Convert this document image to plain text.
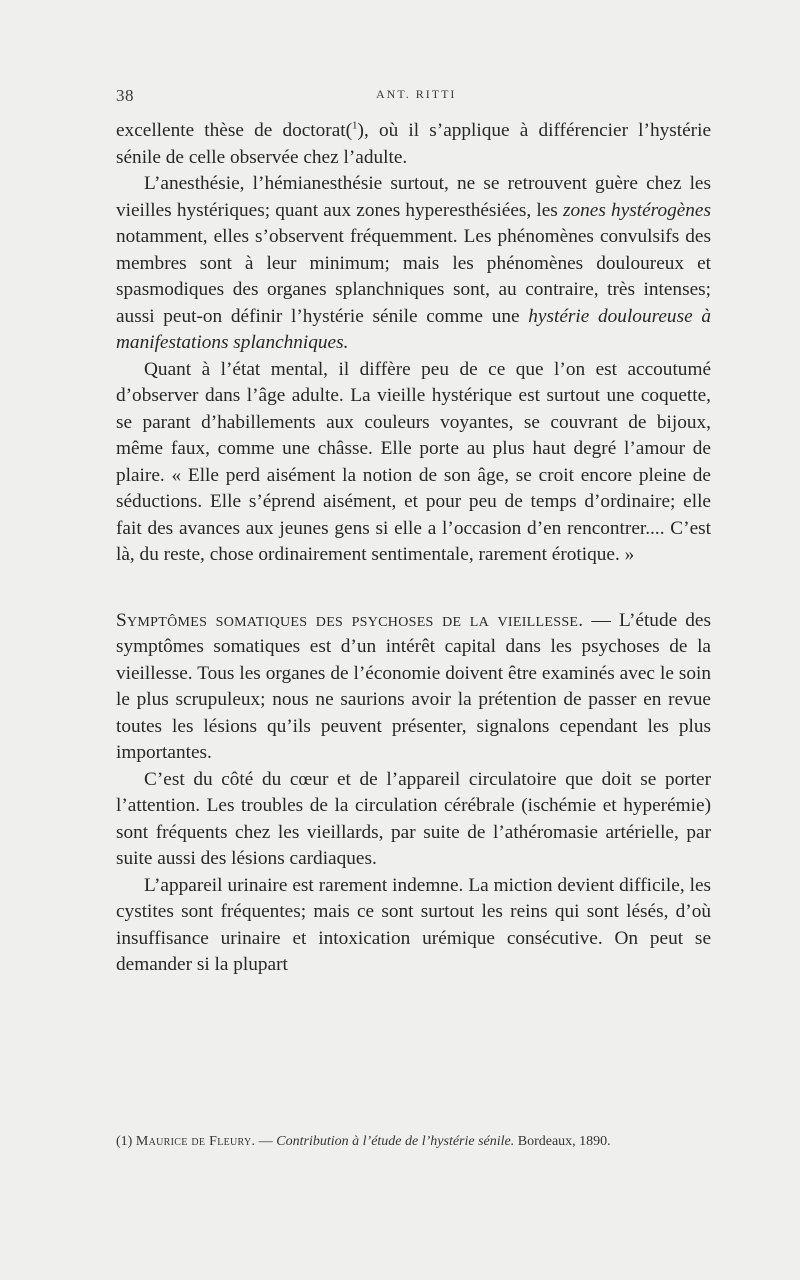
38	ANT. RITTI

excellente thèse de doctorat($^1$), où il s’applique à différencier l’hystérie sénile de celle observée chez l’adulte.

L’anesthésie, l’hémianesthésie surtout, ne se retrouvent guère chez les vieilles hystériques; quant aux zones hyperesthésiées, les zones hystérogènes notamment, elles s’observent fréquemment. Les phénomènes convulsifs des membres sont à leur minimum; mais les phénomènes douloureux et spasmodiques des organes splanchniques sont, au contraire, très intenses; aussi peut-on définir l’hystérie sénile comme une hystérie douloureuse à manifestations splanchniques.

Quant à l’état mental, il diffère peu de ce que l’on est accoutumé d’observer dans l’âge adulte. La vieille hystérique est surtout une coquette, se parant d’habillements aux couleurs voyantes, se couvrant de bijoux, même faux, comme une châsse. Elle porte au plus haut degré l’amour de plaire. « Elle perd aisément la notion de son âge, se croit encore pleine de séductions. Elle s’éprend aisément, et pour peu de temps d’ordinaire; elle fait des avances aux jeunes gens si elle a l’occasion d’en rencontrer.... C’est là, du reste, chose ordinairement sentimentale, rarement érotique. »

Symptômes somatiques des psychoses de la vieillesse. — L’étude des symptômes somatiques est d’un intérêt capital dans les psychoses de la vieillesse. Tous les organes de l’économie doivent être examinés avec le soin le plus scrupuleux; nous ne saurions avoir la prétention de passer en revue toutes les lésions qu’ils peuvent présenter, signalons cependant les plus importantes.

C’est du côté du cœur et de l’appareil circulatoire que doit se porter l’attention. Les troubles de la circulation cérébrale (ischémie et hyperémie) sont fréquents chez les vieillards, par suite de l’athéromasie artérielle, par suite aussi des lésions cardiaques.

L’appareil urinaire est rarement indemne. La miction devient difficile, les cystites sont fréquentes; mais ce sont surtout les reins qui sont lésés, d’où insuffisance urinaire et intoxication urémique consécutive. On peut se demander si la plupart

(1) Maurice de Fleury. — Contribution à l’étude de l’hystérie sénile. Bordeaux, 1890.
